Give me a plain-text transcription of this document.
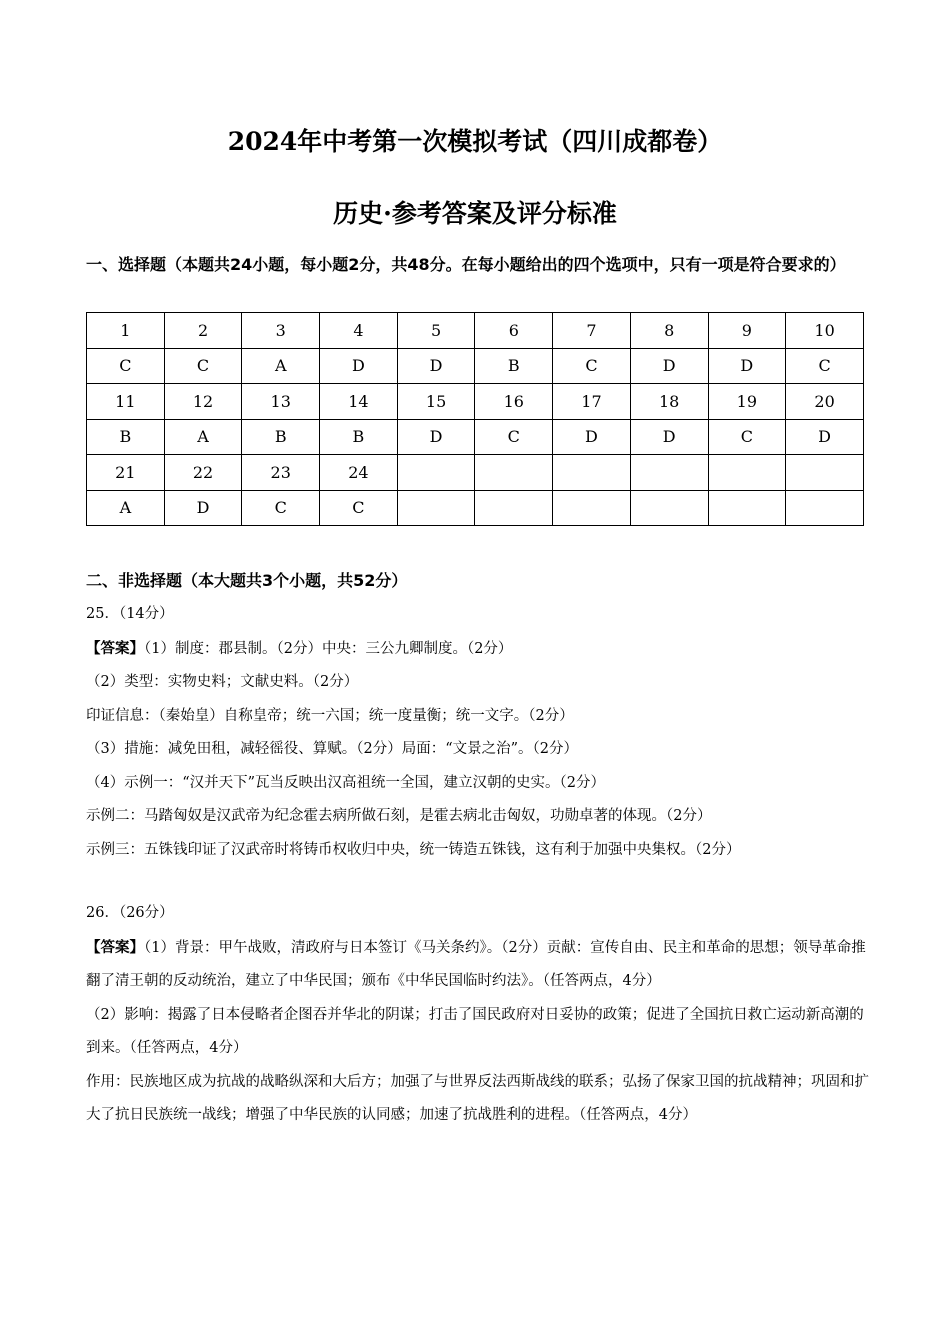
2024年中考第一次模拟考试（四川成都卷）
历史·参考答案及评分标准
一、选择题（本题共24小题，每小题2分，共48分。在每小题给出的四个选项中，只有一项是符合要求的）
1	2	3	4	5	6	7	8	9	10
C	C	A	D	D	B	C	D	D	C
11	12	13	14	15	16	17	18	19	20
B	A	B	B	D	C	D	D	C	D
21	22	23	24						
A	D	C	C						
二、非选择题（本大题共3个小题，共52分）
25．（14分）
【答案】（1）制度：郡县制。（2分）中央：三公九卿制度。（2分）
（2）类型：实物史料；文献史料。（2分）
印证信息：（秦始皇）自称皇帝；统一六国；统一度量衡；统一文字。（2分）
（3）措施：减免田租，减轻徭役、算赋。（2分）局面：“文景之治”。（2分）
（4）示例一：“汉并天下”瓦当反映出汉高祖统一全国，建立汉朝的史实。（2分）
示例二：马踏匈奴是汉武帝为纪念霍去病所做石刻，是霍去病北击匈奴，功勋卓著的体现。（2分）
示例三：五铢钱印证了汉武帝时将铸币权收归中央，统一铸造五铢钱，这有利于加强中央集权。（2分）
26．（26分）
【答案】（1）背景：甲午战败，清政府与日本签订《马关条约》。（2分）贡献：宣传自由、民主和革命的思想；领导革命推翻了清王朝的反动统治，建立了中华民国；颁布《中华民国临时约法》。（任答两点，4分）
（2）影响：揭露了日本侵略者企图吞并华北的阴谋；打击了国民政府对日妥协的政策；促进了全国抗日救亡运动新高潮的到来。（任答两点，4分）
作用：民族地区成为抗战的战略纵深和大后方；加强了与世界反法西斯战线的联系；弘扬了保家卫国的抗战精神；巩固和扩大了抗日民族统一战线；增强了中华民族的认同感；加速了抗战胜利的进程。（任答两点，4分）
